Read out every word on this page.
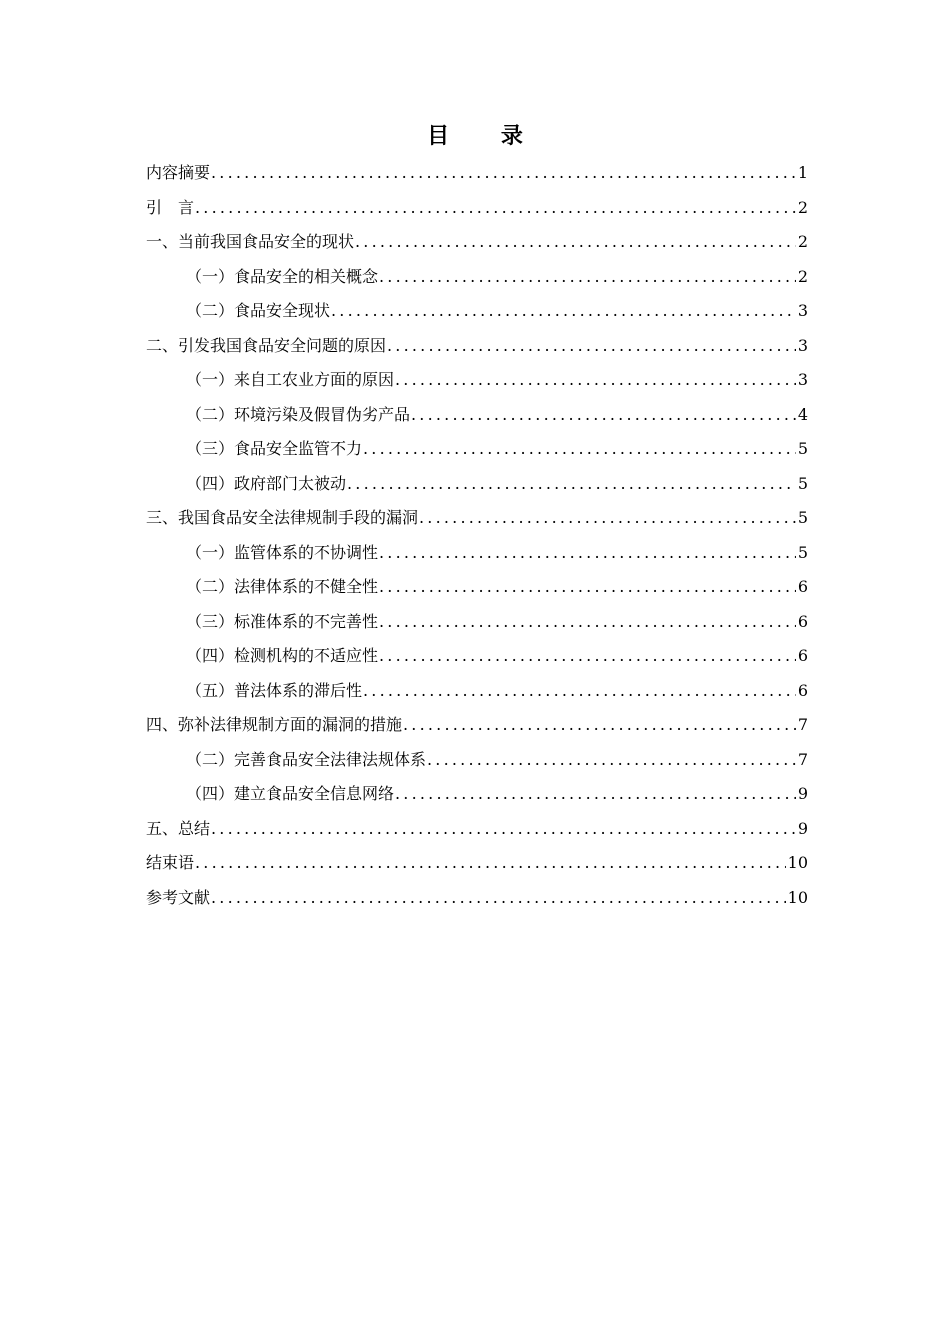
目 录
内容摘要 .....	1
引　言 .....	2
一、当前我国食品安全的现状 .....	2
（一）食品安全的相关概念 .....	2
（二）食品安全现状 .....	3
二、引发我国食品安全问题的原因 .....	3
（一）来自工农业方面的原因 .....	3
（二）环境污染及假冒伪劣产品 .....	4
（三）食品安全监管不力 .....	5
（四）政府部门太被动 .....	5
三、我国食品安全法律规制手段的漏洞 .....	5
（一）监管体系的不协调性 .....	5
（二）法律体系的不健全性 .....	6
（三）标准体系的不完善性 .....	6
（四）检测机构的不适应性 .....	6
（五）普法体系的滞后性 .....	6
四、弥补法律规制方面的漏洞的措施 .....	7
（二）完善食品安全法律法规体系 .....	7
（四）建立食品安全信息网络 .....	9
五、总结 .....	9
结束语 .....	10
参考文献 .....	10
